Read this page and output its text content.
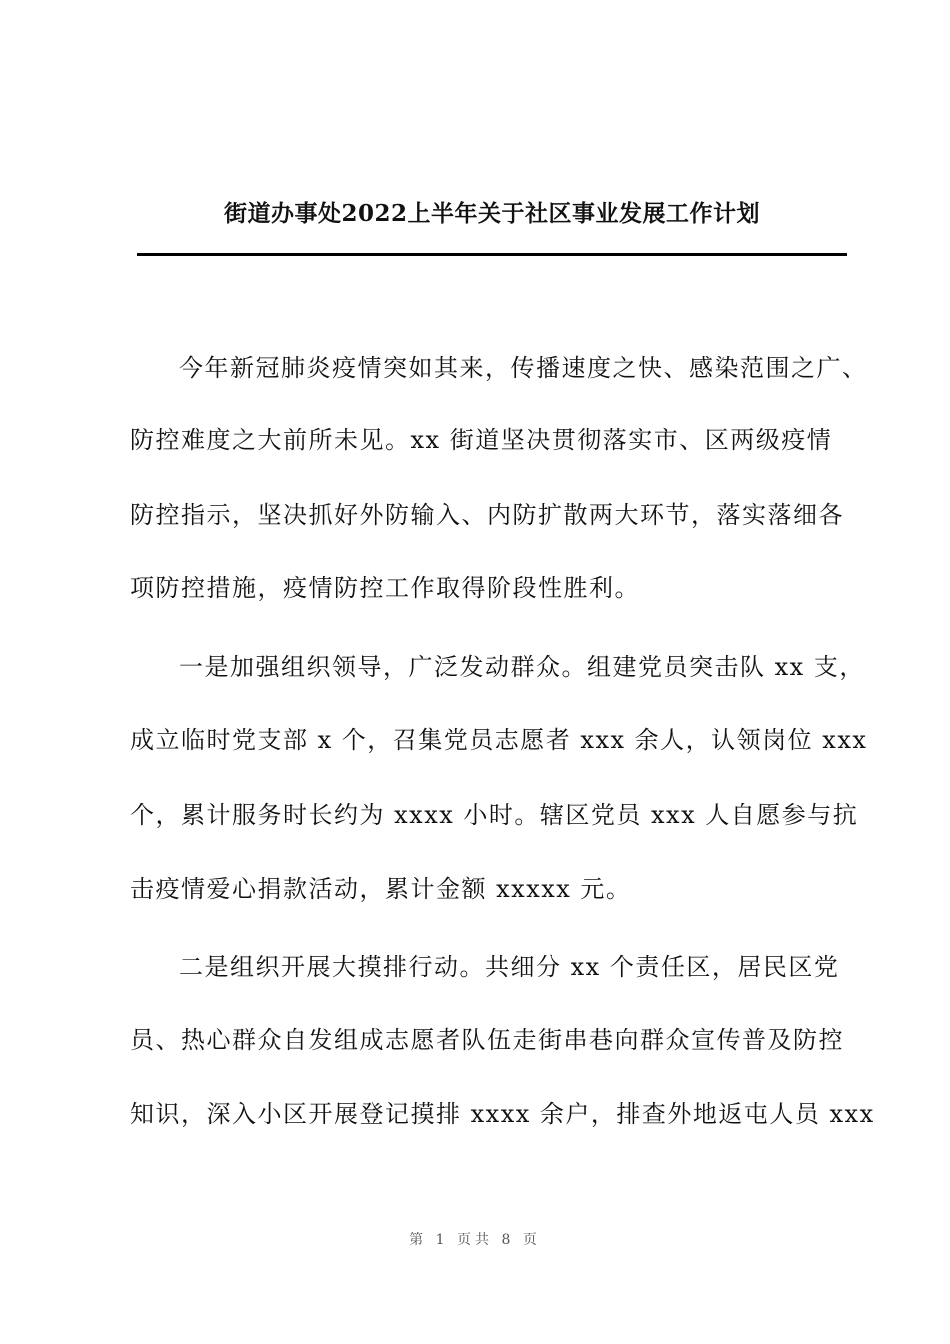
街道办事处2022上半年关于社区事业发展工作计划

今年新冠肺炎疫情突如其来，传播速度之快、感染范围之广、

防控难度之大前所未见。xx 街道坚决贯彻落实市、区两级疫情

防控指示，坚决抓好外防输入、内防扩散两大环节，落实落细各

项防控措施，疫情防控工作取得阶段性胜利。

一是加强组织领导，广泛发动群众。组建党员突击队 xx 支，

成立临时党支部 x 个，召集党员志愿者 xxx 余人，认领岗位 xxx

个，累计服务时长约为 xxxx 小时。辖区党员 xxx 人自愿参与抗

击疫情爱心捐款活动，累计金额 xxxxx 元。

二是组织开展大摸排行动。共细分 xx 个责任区，居民区党

员、热心群众自发组成志愿者队伍走街串巷向群众宣传普及防控

知识，深入小区开展登记摸排 xxxx 余户，排查外地返屯人员 xxx

第 1 页共 8 页
